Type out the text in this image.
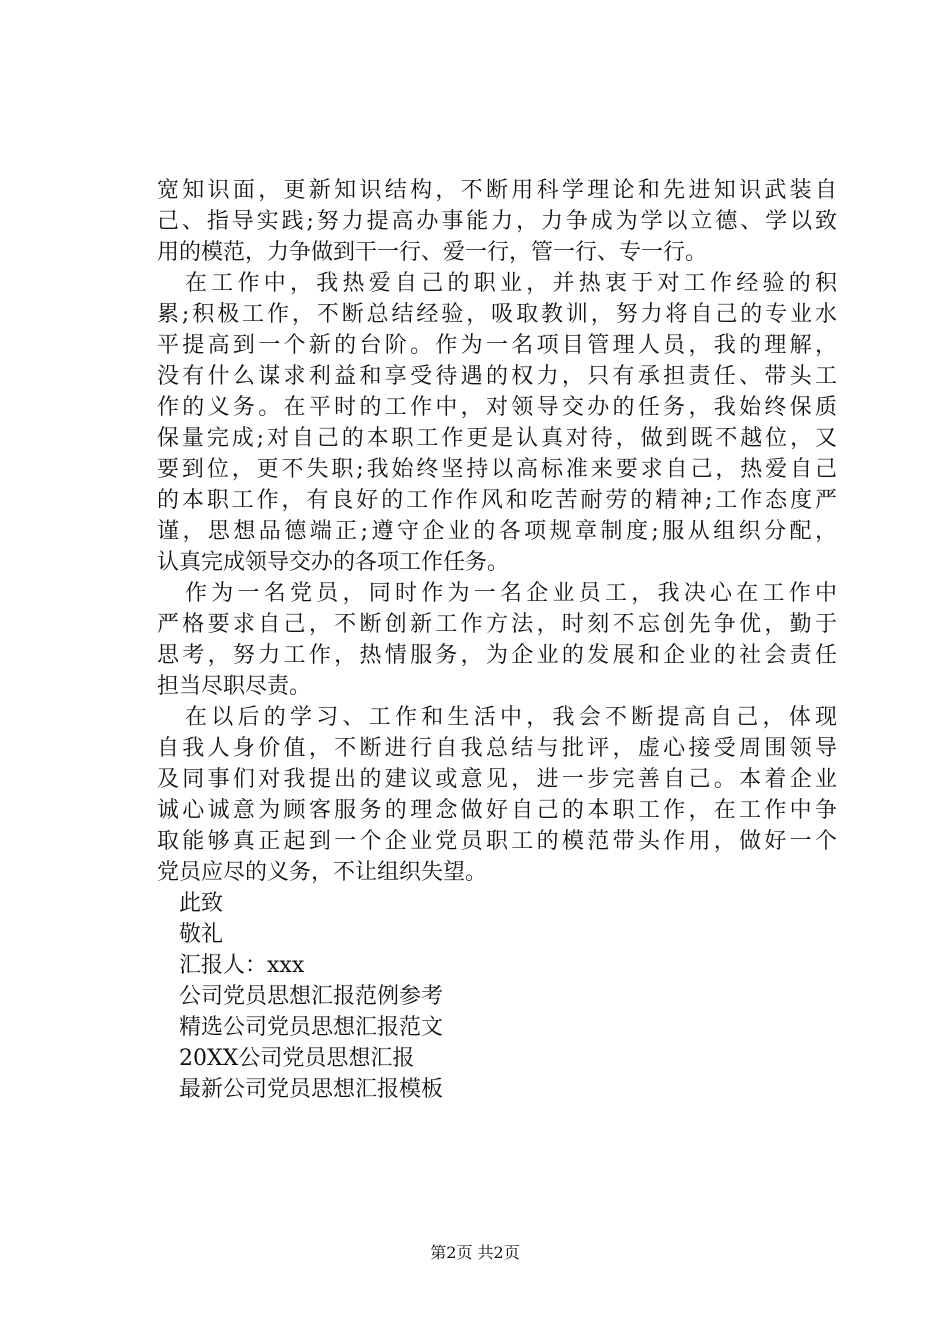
宽知识面，更新知识结构，不断用科学理论和先进知识武装自
己、指导实践;努力提高办事能力，力争成为学以立德、学以致
用的模范，力争做到干一行、爱一行，管一行、专一行。
在工作中，我热爱自己的职业，并热衷于对工作经验的积
累;积极工作，不断总结经验，吸取教训，努力将自己的专业水
平提高到一个新的台阶。作为一名项目管理人员，我的理解，
没有什么谋求利益和享受待遇的权力，只有承担责任、带头工
作的义务。在平时的工作中，对领导交办的任务，我始终保质
保量完成;对自己的本职工作更是认真对待，做到既不越位，又
要到位，更不失职;我始终坚持以高标准来要求自己，热爱自己
的本职工作，有良好的工作作风和吃苦耐劳的精神;工作态度严
谨，思想品德端正;遵守企业的各项规章制度;服从组织分配，
认真完成领导交办的各项工作任务。
作为一名党员，同时作为一名企业员工，我决心在工作中
严格要求自己，不断创新工作方法，时刻不忘创先争优，勤于
思考，努力工作，热情服务，为企业的发展和企业的社会责任
担当尽职尽责。
在以后的学习、工作和生活中，我会不断提高自己，体现
自我人身价值，不断进行自我总结与批评，虚心接受周围领导
及同事们对我提出的建议或意见，进一步完善自己。本着企业
诚心诚意为顾客服务的理念做好自己的本职工作，在工作中争
取能够真正起到一个企业党员职工的模范带头作用，做好一个
党员应尽的义务，不让组织失望。
此致
敬礼
汇报人：xxx
公司党员思想汇报范例参考
精选公司党员思想汇报范文
20XX公司党员思想汇报
最新公司党员思想汇报模板
第2页 共2页
